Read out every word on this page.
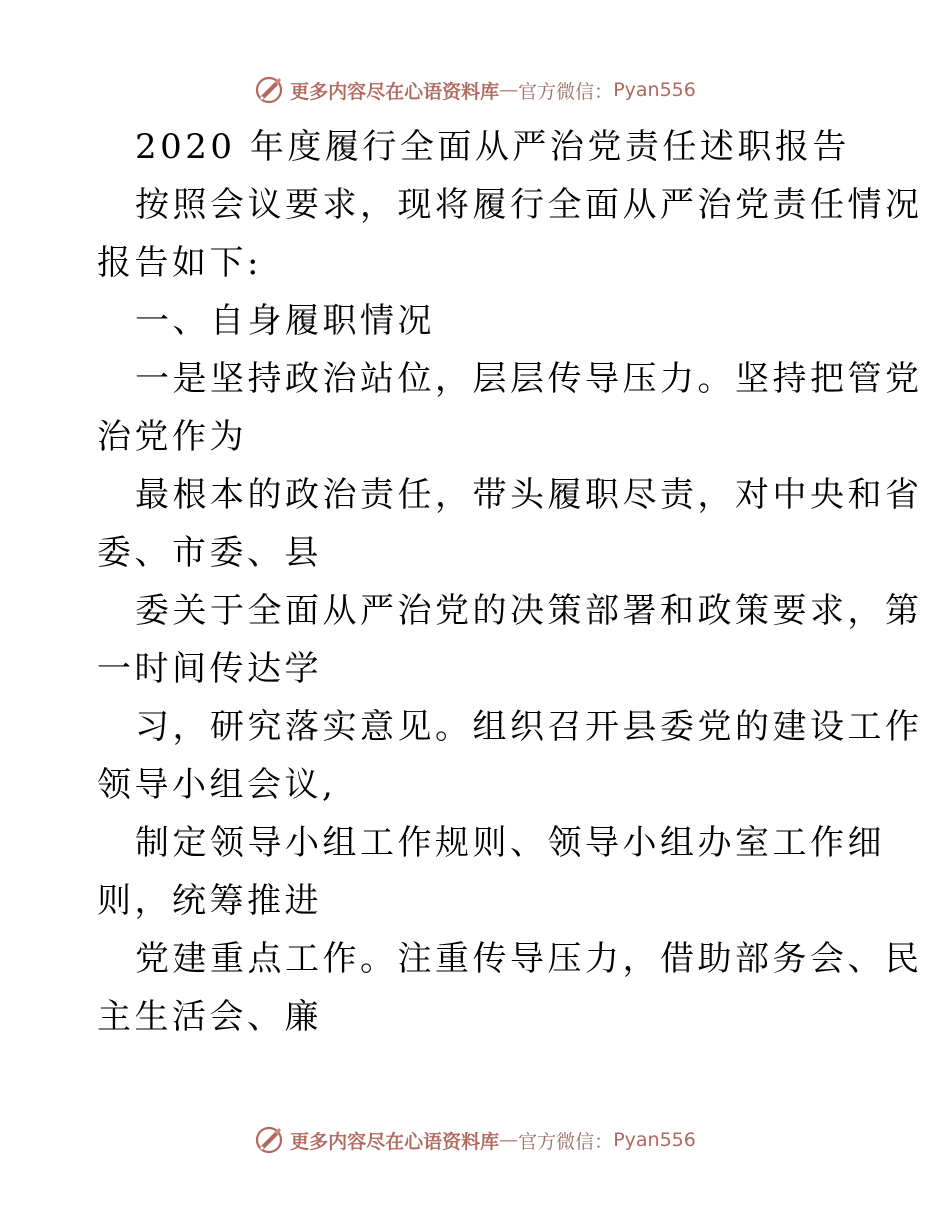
更多内容尽在心语资料库 — 官方微信： Pyan556
2020 年度履行全面从严治党责任述职报告
按照会议要求，现将履行全面从严治党责任情况
报告如下:
一、自身履职情况
一是坚持政治站位，层层传导压力。坚持把管党
治党作为
最根本的政治责任，带头履职尽责，对中央和省
委、市委、县
委关于全面从严治党的决策部署和政策要求，第
一时间传达学
习，研究落实意见。组织召开县委党的建设工作
领导小组会议,
制定领导小组工作规则、领导小组办室工作细
则，统筹推进
党建重点工作。注重传导压力，借助部务会、民
主生活会、廉
更多内容尽在心语资料库 — 官方微信： Pyan556
